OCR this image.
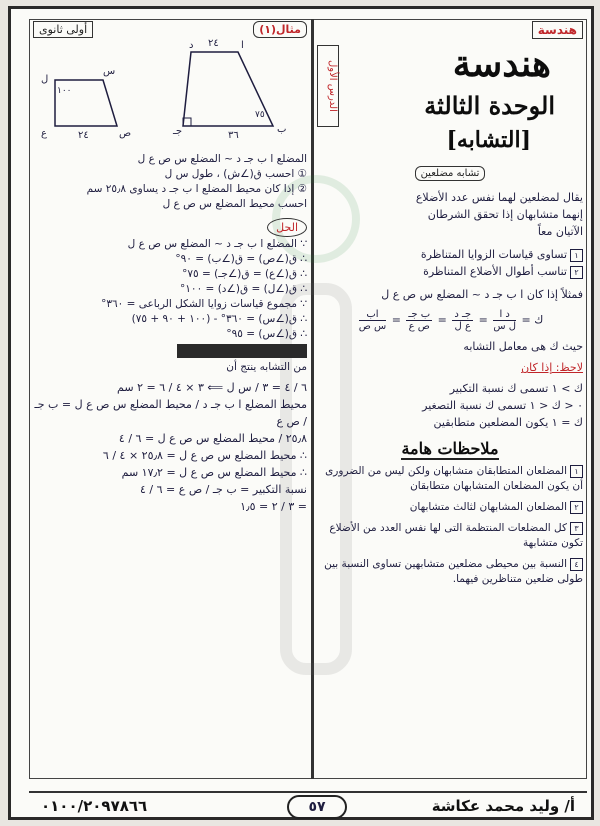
هندسة
هندسة
الدرس الأول	الوحدة الثالثة
[التشابه]
تشابه مضلعين
يقال لمضلعين لهما نفس عدد الأضلاع
إنهما متشابهان إذا تحقق الشرطان
الآتيان معاً
١تساوى قياسات الزوايا المتناظرة
٢تناسب أطوال الأضلاع المتناظرة
فمثلاً إذا كان ا ب جـ د ~ المضلع س ص ع ل
$\frac{\text{اب}}{\text{س ص}} = \frac{\text{ب جـ}}{\text{ص ع}} = \frac{\text{جـ د}}{\text{ع ل}} = \frac{\text{د ا}}{\text{ل س}}$ = ك
حيث ك هى معامل التشابه
لاحظ: إذا كان
ك > ١ تسمى ك نسبة التكبير
٠ < ك < ١ تسمى ك نسبة التصغير
ك = ١ يكون المضلعين متطابقين
ملاحظات هامة
١المضلعان المتطابقان متشابهان ولكن ليس من الضرورى أن يكون المضلعان المتشابهان متطابقان
٢المضلعان المشابهان لثالث متشابهان
٣كل المضلعات المنتظمة التى لها نفس العدد من الأضلاع تكون متشابهة
٤النسبة بين محيطى مضلعين متشابهين تساوى النسبة بين طولى ضلعين متناظرين فيهما.
مثال(١)
أولى ثانوى
٢٤
د	ا
ب
جـ	٣٦
٧٥
س
ل
١٠٠
ع	ص
٢٤
المضلع ا ب جـ د ~ المضلع س ص ع ل
① احسب ق(∠ش) ، طول س ل
② إذا كان محيط المضلع ا ب جـ د يساوى ٢٥٫٨ سم
احسب محيط المضلع س ص ع ل
الحل
∵ المضلع ا ب جـ د ~ المضلع س ص ع ل
∴ ق(∠ص) = ق(∠ب) = ٩٠°
∴ ق(∠ع) = ق(∠جـ) = ٧٥°
∴ ق(∠ل) = ق(∠د) = ١٠٠°
∵ مجموع قياسات زوايا الشكل الرباعى = ٣٦٠°
∴ ق(∠س) = ٣٦٠° - (١٠٠ + ٩٠ + ٧٥)
∴ ق(∠س) = ٩٥°
من التشابه ينتج أن
٦ / ٤ = ٣ / س ل ⟸ ٣ × ٤ / ٦ = ٢ سم
محيط المضلع ا ب جـ د / محيط المضلع س ص ع ل = ب جـ / ص ع
٢٥٫٨ / محيط المضلع س ص ع ل = ٦ / ٤
∴ محيط المضلع س ص ع ل = ٢٥٫٨ × ٤ / ٦
∴ محيط المضلع س ص ع ل = ١٧٫٢ سم
نسبة التكبير = ب جـ / ص ع = ٦ / ٤
= ٣ / ٢ = ١٫٥
أ/ وليد محمد عكاشة
٥٧
٠١٠٠/٢٠٩٧٨٦٦
